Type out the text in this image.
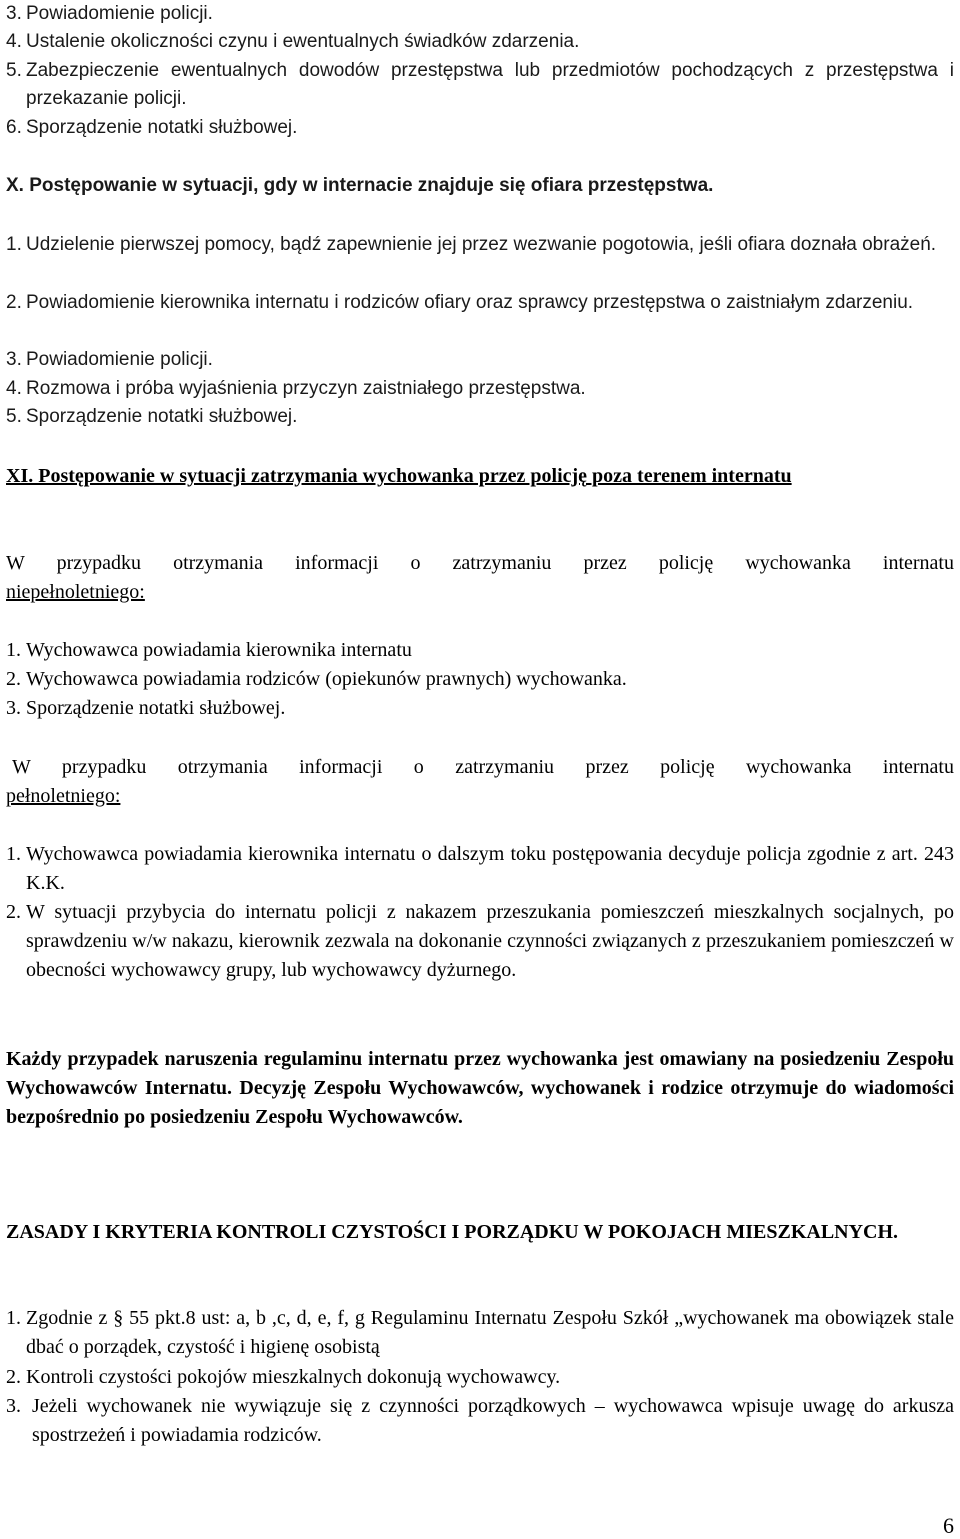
3. Powiadomienie policji.
4. Ustalenie okoliczności czynu i ewentualnych świadków zdarzenia.
5. Zabezpieczenie ewentualnych dowodów przestępstwa lub przedmiotów pochodzących z przestępstwa i przekazanie policji.
6. Sporządzenie notatki służbowej.
X. Postępowanie w sytuacji, gdy w internacie znajduje się ofiara przestępstwa.
1. Udzielenie pierwszej pomocy, bądź zapewnienie jej przez wezwanie pogotowia, jeśli ofiara doznała obrażeń.
2. Powiadomienie kierownika internatu i rodziców ofiary oraz sprawcy przestępstwa o zaistniałym zdarzeniu.
3. Powiadomienie policji.
4. Rozmowa i próba wyjaśnienia przyczyn zaistniałego przestępstwa.
5. Sporządzenie notatki służbowej.
XI. Postępowanie w sytuacji zatrzymania wychowanka przez policję poza terenem internatu
W przypadku otrzymania informacji o zatrzymaniu przez policję wychowanka internatu
niepełnoletniego:
1. Wychowawca powiadamia kierownika internatu
2. Wychowawca powiadamia rodziców (opiekunów prawnych) wychowanka.
3. Sporządzenie notatki służbowej.
W przypadku otrzymania informacji o zatrzymaniu przez policję wychowanka internatu
pełnoletniego:
1. Wychowawca powiadamia kierownika internatu o dalszym toku postępowania decyduje policja zgodnie z art. 243 K.K.
2. W sytuacji przybycia do internatu policji z nakazem przeszukania pomieszczeń mieszkalnych socjalnych, po sprawdzeniu w/w nakazu, kierownik zezwala na dokonanie czynności związanych z przeszukaniem pomieszczeń w obecności wychowawcy grupy, lub wychowawcy dyżurnego.
Każdy przypadek naruszenia regulaminu internatu przez wychowanka jest omawiany na posiedzeniu Zespołu Wychowawców Internatu. Decyzję Zespołu Wychowawców, wychowanek i rodzice otrzymuje do wiadomości bezpośrednio po posiedzeniu Zespołu Wychowawców.
ZASADY I KRYTERIA KONTROLI CZYSTOŚCI I PORZĄDKU W POKOJACH MIESZKALNYCH.
1. Zgodnie z § 55 pkt.8 ust: a, b ,c, d, e, f, g Regulaminu Internatu Zespołu Szkół „wychowanek ma obowiązek stale dbać o porządek, czystość i higienę osobistą
2. Kontroli czystości pokojów mieszkalnych dokonują wychowawcy.
3. Jeżeli wychowanek nie wywiązuje się z czynności porządkowych – wychowawca wpisuje uwagę do arkusza spostrzeżeń i powiadamia rodziców.
6
